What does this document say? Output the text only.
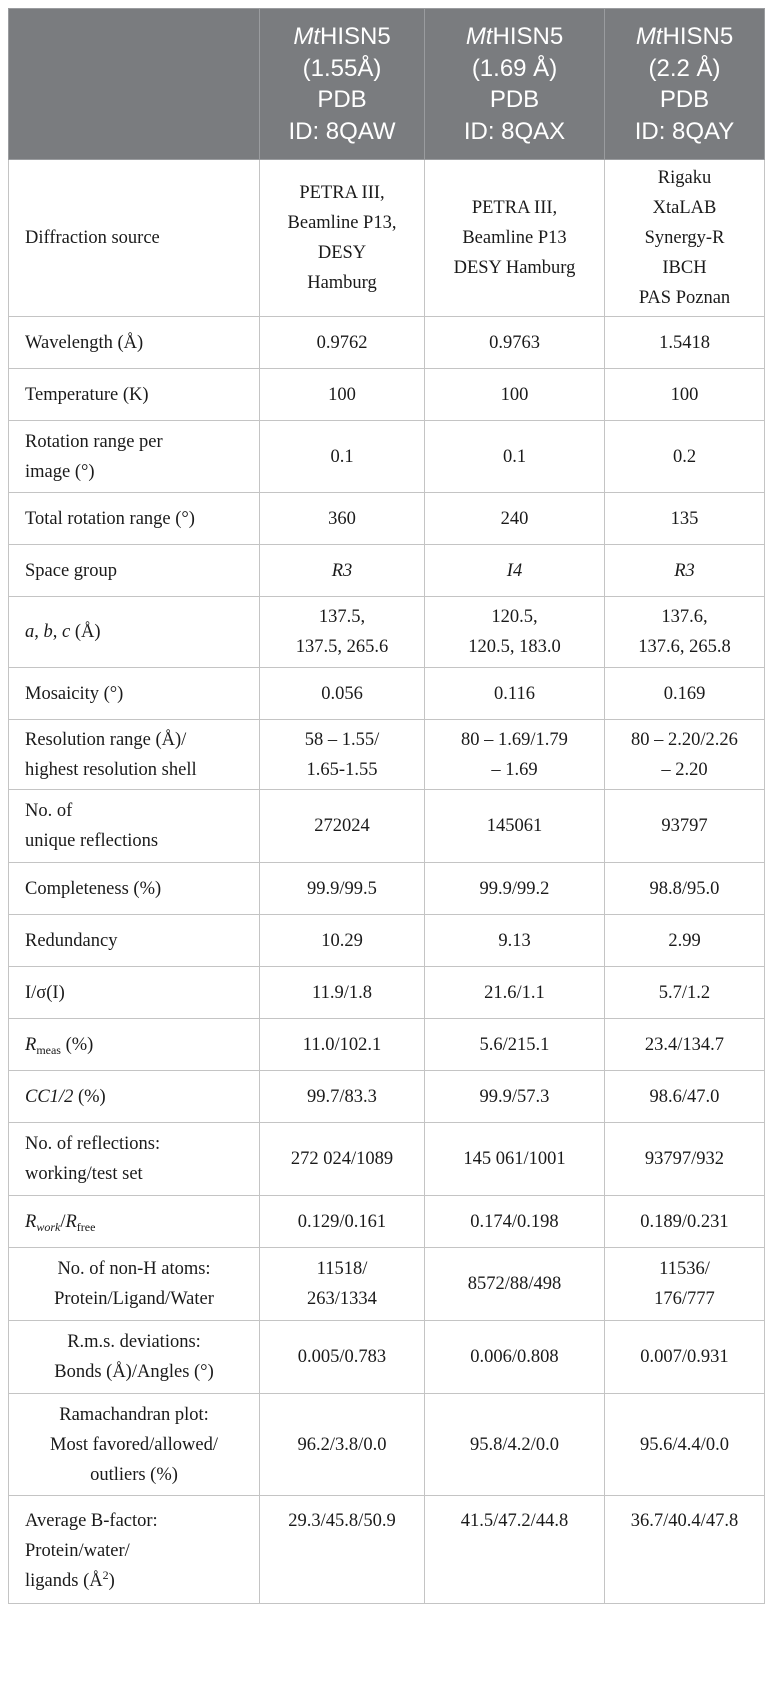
	MtHISN5
(1.55Å)
PDB
ID: 8QAW	MtHISN5
(1.69 Å)
PDB
ID: 8QAX	MtHISN5
(2.2 Å)
PDB
ID: 8QAY
Diffraction source	PETRA III,
Beamline P13,
DESY
Hamburg	PETRA III,
Beamline P13
DESY Hamburg	Rigaku
XtaLAB
Synergy-R
IBCH
PAS Poznan
Wavelength (Å)	0.9762	0.9763	1.5418
Temperature (K)	100	100	100
Rotation range per
image (°)	0.1	0.1	0.2
Total rotation range (°)	360	240	135
Space group	R3	I4	R3
a, b, c (Å)	137.5,
137.5, 265.6	120.5,
120.5, 183.0	137.6,
137.6, 265.8
Mosaicity (°)	0.056	0.116	0.169
Resolution range (Å)/
highest resolution shell	58 – 1.55/
1.65-1.55	80 – 1.69/1.79
– 1.69	80 – 2.20/2.26
– 2.20
No. of
unique reflections	272024	145061	93797
Completeness (%)	99.9/99.5	99.9/99.2	98.8/95.0
Redundancy	10.29	9.13	2.99
I/σ(I)	11.9/1.8	21.6/1.1	5.7/1.2
$R_{meas}$ (%)	11.0/102.1	5.6/215.1	23.4/134.7
CC1/2 (%)	99.7/83.3	99.9/57.3	98.6/47.0
No. of reflections:
working/test set	272 024/1089	145 061/1001	93797/932
$R_{work}/R_{free}$	0.129/0.161	0.174/0.198	0.189/0.231
No. of non-H atoms:
Protein/Ligand/Water	11518/
263/1334	8572/88/498	11536/
176/777
R.m.s. deviations:
Bonds (Å)/Angles (°)	0.005/0.783	0.006/0.808	0.007/0.931
Ramachandran plot:
Most favored/allowed/
outliers (%)	96.2/3.8/0.0	95.8/4.2/0.0	95.6/4.4/0.0
Average B-factor:
Protein/water/
ligands $(Å^2)$	29.3/45.8/50.9	41.5/47.2/44.8	36.7/40.4/47.8
